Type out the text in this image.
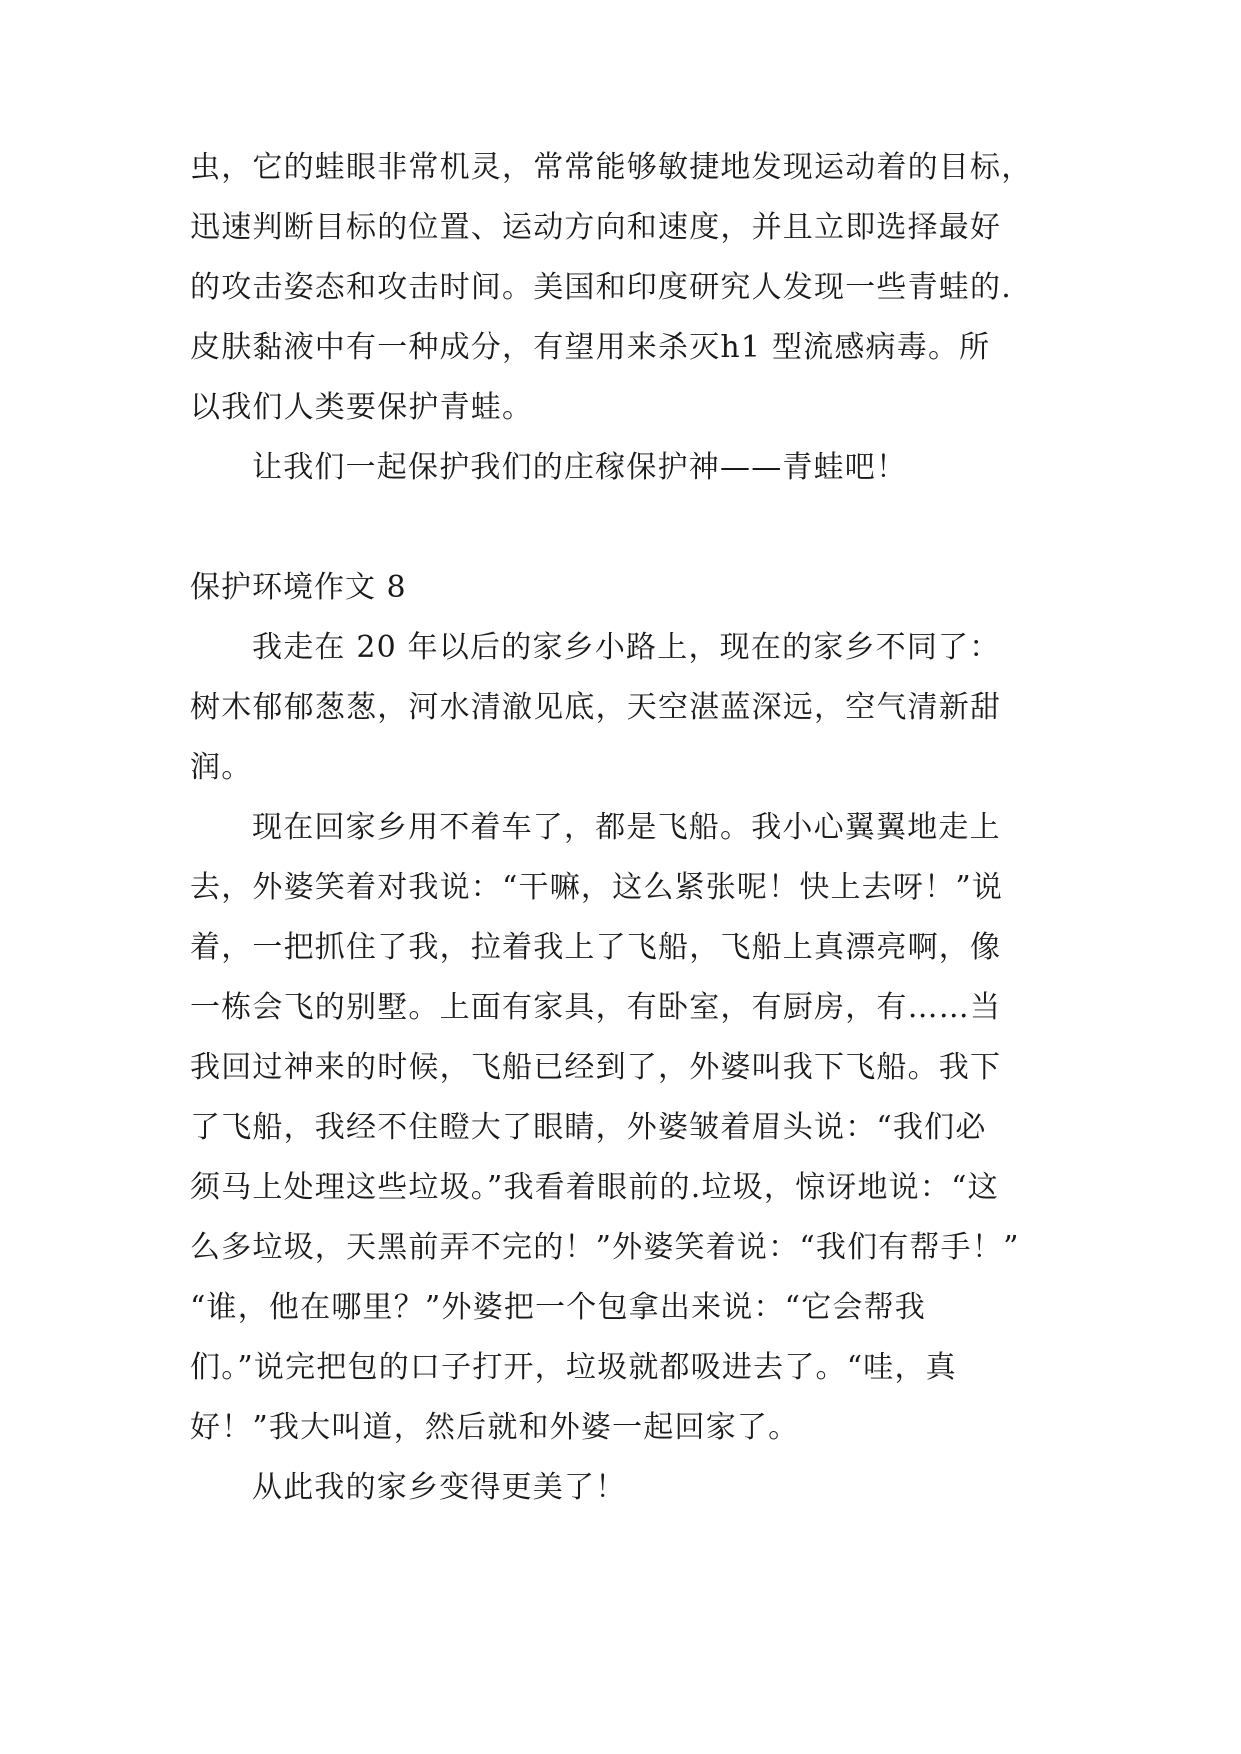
虫，它的蛙眼非常机灵，常常能够敏捷地发现运动着的目标，
迅速判断目标的位置、运动方向和速度，并且立即选择最好
的攻击姿态和攻击时间。美国和印度研究人发现一些青蛙的.
皮肤黏液中有一种成分，有望用来杀灭h1 型流感病毒。所
以我们人类要保护青蛙。
让我们一起保护我们的庄稼保护神——青蛙吧！
保护环境作文 8
我走在 20 年以后的家乡小路上，现在的家乡不同了：
树木郁郁葱葱，河水清澈见底，天空湛蓝深远，空气清新甜
润。
现在回家乡用不着车了，都是飞船。我小心翼翼地走上
去，外婆笑着对我说：“干嘛，这么紧张呢！快上去呀！”说
着，一把抓住了我，拉着我上了飞船，飞船上真漂亮啊，像
一栋会飞的别墅。上面有家具，有卧室，有厨房，有……当
我回过神来的时候，飞船已经到了，外婆叫我下飞船。我下
了飞船，我经不住瞪大了眼睛，外婆皱着眉头说：“我们必
须马上处理这些垃圾。”我看着眼前的.垃圾，惊讶地说：“这
么多垃圾，天黑前弄不完的！”外婆笑着说：“我们有帮手！”
“谁，他在哪里？”外婆把一个包拿出来说：“它会帮我
们。”说完把包的口子打开，垃圾就都吸进去了。“哇，真
好！”我大叫道，然后就和外婆一起回家了。
从此我的家乡变得更美了！
